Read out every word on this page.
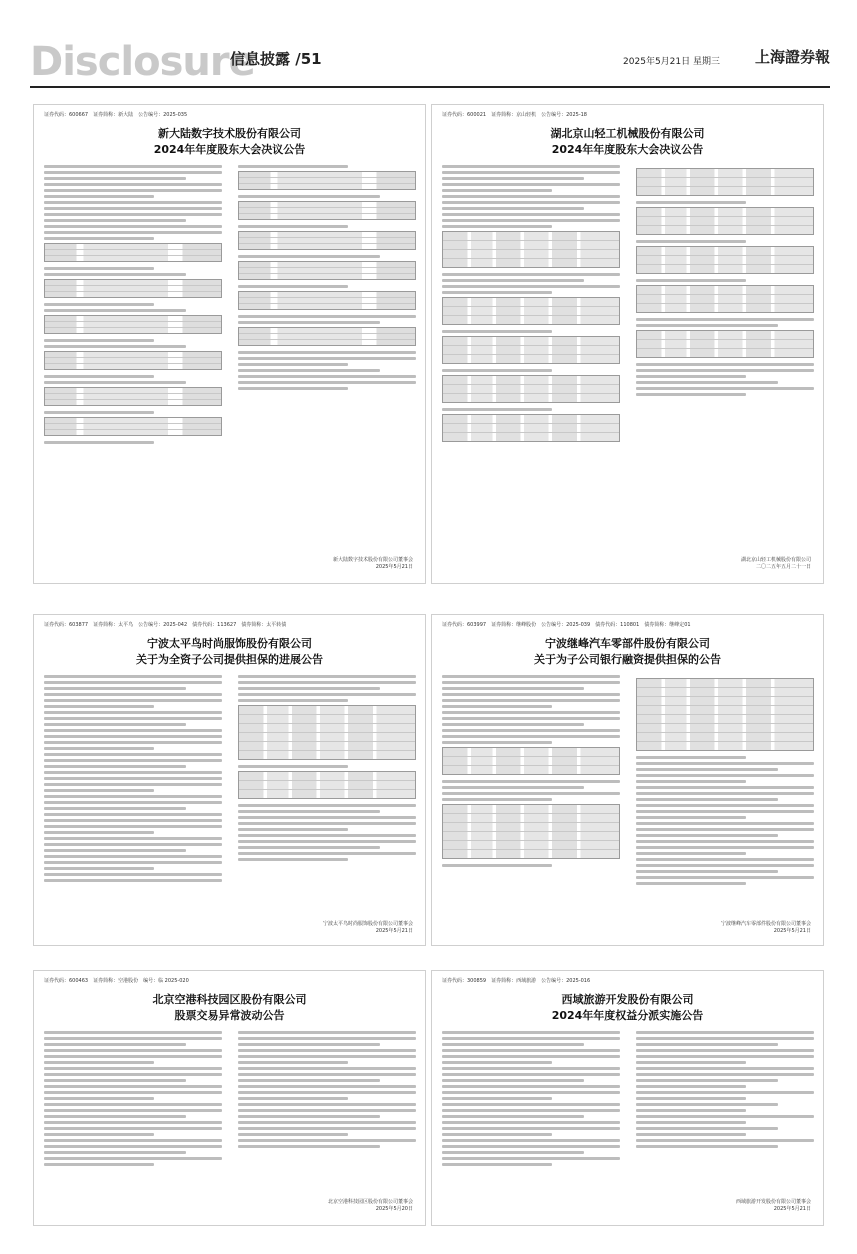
Disclosure
信息披露 /51	2025年5月21日 星期三 上海證券報
证券代码：600667　证券简称：新大陆　公告编号：2025-035
新大陆数字技术股份有限公司
2024年年度股东大会决议公告
新大陆数字技术股份有限公司董事会
2025年5月21日
证券代码：600021　证券简称：京山轻机　公告编号：2025-18
湖北京山轻工机械股份有限公司
2024年年度股东大会决议公告
湖北京山轻工机械股份有限公司
二〇二五年五月二十一日
证券代码：603877　证券简称：太平鸟　公告编号：2025-042　债券代码：113627　债券简称：太平转债
宁波太平鸟时尚服饰股份有限公司
关于为全资子公司提供担保的进展公告
宁波太平鸟时尚服饰股份有限公司董事会
2025年5月21日
证券代码：603997　证券简称：继峰股份　公告编号：2025-039　债券代码：110801　债券简称：继峰定01
宁波继峰汽车零部件股份有限公司
关于为子公司银行融资提供担保的公告
宁波继峰汽车零部件股份有限公司董事会
2025年5月21日
证券代码：600463　证券简称：空港股份　编号：临 2025-020
北京空港科技园区股份有限公司
股票交易异常波动公告
北京空港科技园区股份有限公司董事会
2025年5月20日
证券代码：300859　证券简称：西域旅游　公告编号：2025-016
西域旅游开发股份有限公司
2024年年度权益分派实施公告
西域旅游开发股份有限公司董事会
2025年5月21日
